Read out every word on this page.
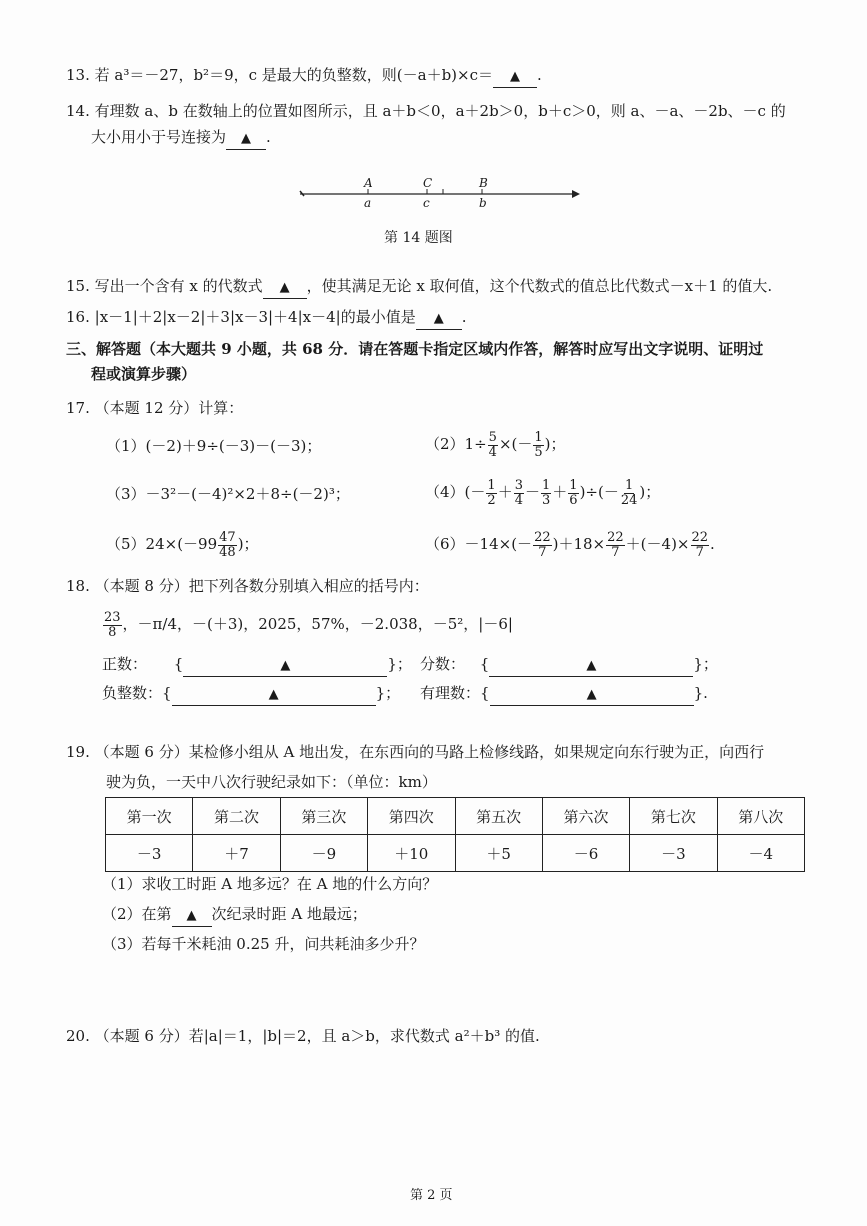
13. 若 a³＝－27，b²＝9，c 是最大的负整数，则(－a＋b)×c＝ ▲ .
14. 有理数 a、b 在数轴上的位置如图所示，且 a＋b＜0，a＋2b＞0，b＋c＞0，则 a、－a、－2b、－c 的
大小用小于号连接为 ▲ .
A	C	B
a	c	b
第 14 题图
15. 写出一个含有 x 的代数式 ▲ ，使其满足无论 x 取何值，这个代数式的值总比代数式－x＋1 的值大.
16. |x－1|＋2|x－2|＋3|x－3|＋4|x－4|的最小值是 ▲ .
三、解答题（本大题共 9 小题，共 68 分．请在答题卡指定区域内作答，解答时应写出文字说明、证明过
程或演算步骤）
17. （本题 12 分）计算：
（1）(－2)＋9÷(－3)－(－3)；	$(2)1\div \frac{5}{4}$ ×(－ $\frac{1}{5}$ )；
（3）－3²－(－4)²×2＋8÷(－2)³；	$(4)(- \frac{1}{2} + \frac{3}{4} - \frac{1}{3} + \frac{1}{6}$ )÷(－ $\frac{1}{24}$ )；
$(5)24\times(-99 \frac{47}{48}$ )；	$(6)-14\times(- \frac{22}{7} )+18\times \frac{22}{7} +(-4)\times \frac{22}{7}$ .
18. （本题 8 分）把下列各数分别填入相应的括号内：
$\frac{23}{8}$ ，－π/4，－(＋3)，2025，57%，－2.038，－5²，|－6|
正数： {	▲	}； 分数： {	▲	}；
负整数：{	▲	}； 有理数：{	▲	}.
19. （本题 6 分）某检修小组从 A 地出发，在东西向的马路上检修线路，如果规定向东行驶为正，向西行
驶为负，一天中八次行驶纪录如下：（单位：km）
第一次	第二次	第三次	第四次	第五次	第六次	第七次	第八次
－3	＋7	－9	＋10	＋5	－6	－3	－4
（1）求收工时距 A 地多远？在 A 地的什么方向？
（2）在第 ▲ 次纪录时距 A 地最远；
（3）若每千米耗油 0.25 升，问共耗油多少升？
20. （本题 6 分）若|a|＝1，|b|＝2，且 a＞b，求代数式 a²＋b³ 的值.
第 2 页
